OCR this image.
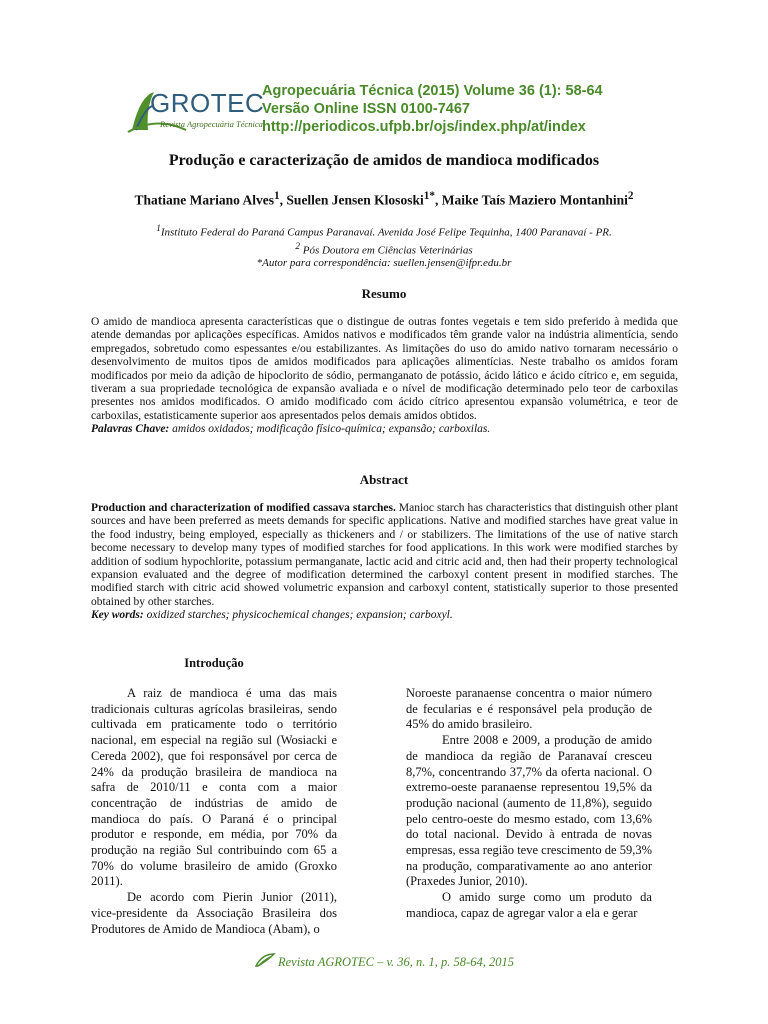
GROTEC
Revista Agropecuária Técnica
Agropecuária Técnica (2015) Volume 36 (1): 58-64
Versão Online ISSN 0100-7467
http://periodicos.ufpb.br/ojs/index.php/at/index
Produção e caracterização de amidos de mandioca modificados
Thatiane Mariano Alves$^1$, Suellen Jensen Klososki$^{1*}$, Maike Taís Maziero Montanhini$^2$
$^1$Instituto Federal do Paraná Campus Paranavaí. Avenida José Felipe Tequinha, 1400 Paranavaí - PR.
$^2$ Pós Doutora em Ciências Veterinárias
*Autor para correspondência: suellen.jensen@ifpr.edu.br
Resumo
O amido de mandioca apresenta características que o distingue de outras fontes vegetais e tem sido preferido à medida que atende demandas por aplicações específicas. Amidos nativos e modificados têm grande valor na indústria alimentícia, sendo empregados, sobretudo como espessantes e/ou estabilizantes. As limitações do uso do amido nativo tornaram necessário o desenvolvimento de muitos tipos de amidos modificados para aplicações alimentícias. Neste trabalho os amidos foram modificados por meio da adição de hipoclorito de sódio, permanganato de potássio, ácido lático e ácido cítrico e, em seguida, tiveram a sua propriedade tecnológica de expansão avaliada e o nível de modificação determinado pelo teor de carboxilas presentes nos amidos modificados. O amido modificado com ácido cítrico apresentou expansão volumétrica, e teor de carboxilas, estatisticamente superior aos apresentados pelos demais amidos obtidos.
Palavras Chave: amidos oxidados; modificação físico-química; expansão; carboxilas.
Abstract
Production and characterization of modified cassava starches. Manioc starch has characteristics that distinguish other plant sources and have been preferred as meets demands for specific applications. Native and modified starches have great value in the food industry, being employed, especially as thickeners and / or stabilizers. The limitations of the use of native starch become necessary to develop many types of modified starches for food applications. In this work were modified starches by addition of sodium hypochlorite, potassium permanganate, lactic acid and citric acid and, then had their property technological expansion evaluated and the degree of modification determined the carboxyl content present in modified starches. The modified starch with citric acid showed volumetric expansion and carboxyl content, statistically superior to those presented obtained by other starches.
Key words: oxidized starches; physicochemical changes; expansion; carboxyl.
Introdução

A raiz de mandioca é uma das mais tradicionais culturas agrícolas brasileiras, sendo cultivada em praticamente todo o território nacional, em especial na região sul (Wosiacki e Cereda 2002), que foi responsável por cerca de 24% da produção brasileira de mandioca na safra de 2010/11 e conta com a maior concentração de indústrias de amido de mandioca do país. O Paraná é o principal produtor e responde, em média, por 70% da produção na região Sul contribuindo com 65 a 70% do volume brasileiro de amido (Groxko 2011).

De acordo com Pierin Junior (2011), vice-presidente da Associação Brasileira dos Produtores de Amido de Mandioca (Abam), o

Noroeste paranaense concentra o maior número de fecularias e é responsável pela produção de 45% do amido brasileiro.

Entre 2008 e 2009, a produção de amido de mandioca da região de Paranavaí cresceu 8,7%, concentrando 37,7% da oferta nacional. O extremo-oeste paranaense representou 19,5% da produção nacional (aumento de 11,8%), seguido pelo centro-oeste do mesmo estado, com 13,6% do total nacional. Devido à entrada de novas empresas, essa região teve crescimento de 59,3% na produção, comparativamente ao ano anterior (Praxedes Junior, 2010).

O amido surge como um produto da mandioca, capaz de agregar valor a ela e gerar

Revista AGROTEC – v. 36, n. 1, p. 58-64, 2015
